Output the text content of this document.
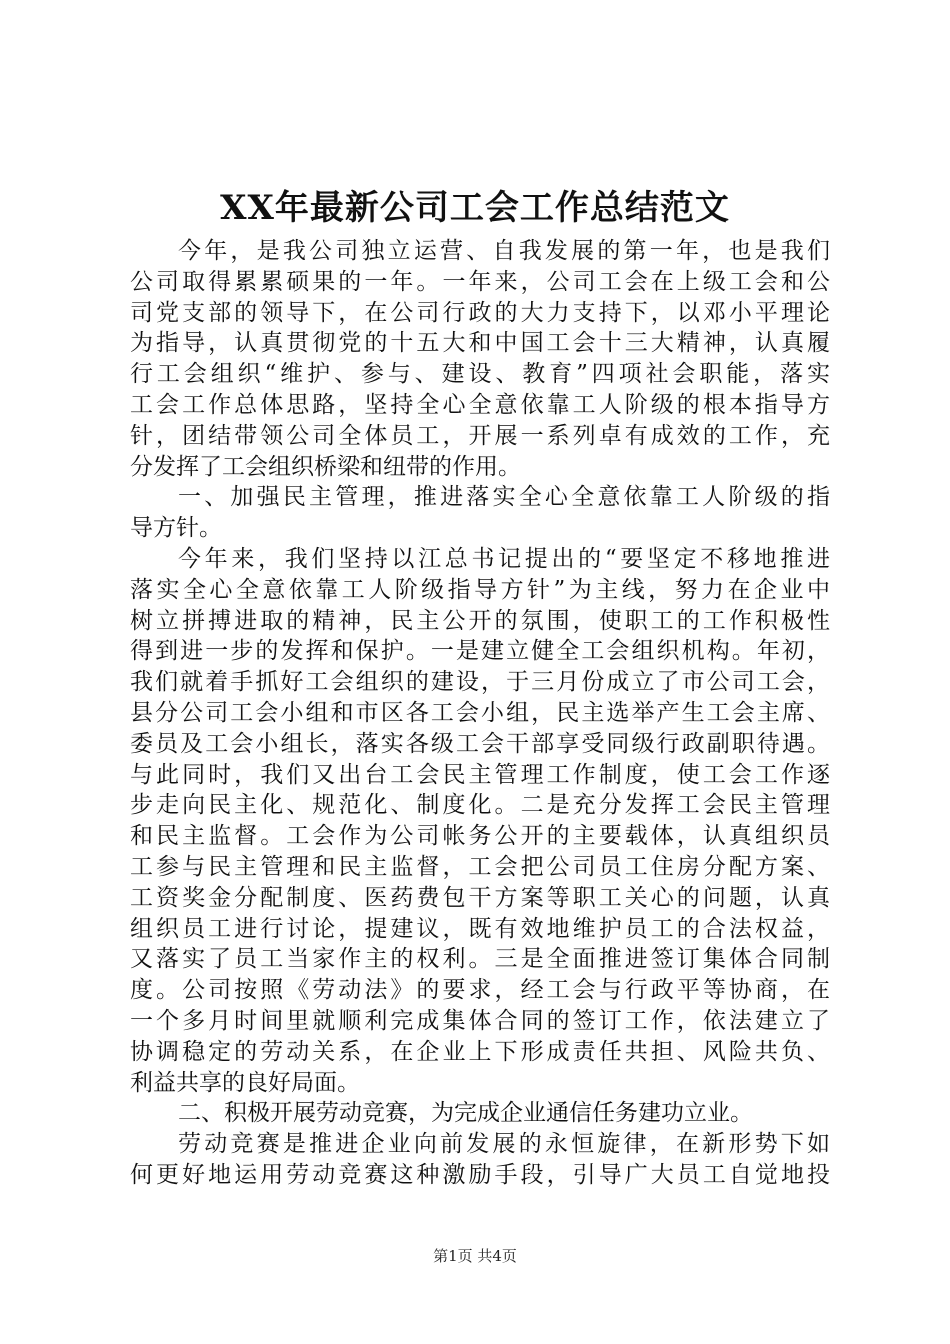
XX年最新公司工会工作总结范文
今年，是我公司独立运营、自我发展的第一年，也是我们
公司取得累累硕果的一年。一年来，公司工会在上级工会和公
司党支部的领导下，在公司行政的大力支持下，以邓小平理论
为指导，认真贯彻党的十五大和中国工会十三大精神，认真履
行工会组织“维护、参与、建设、教育”四项社会职能，落实
工会工作总体思路，坚持全心全意依靠工人阶级的根本指导方
针，团结带领公司全体员工，开展一系列卓有成效的工作，充
分发挥了工会组织桥梁和纽带的作用。
一、加强民主管理，推进落实全心全意依靠工人阶级的指
导方针。
今年来，我们坚持以江总书记提出的“要坚定不移地推进
落实全心全意依靠工人阶级指导方针”为主线，努力在企业中
树立拼搏进取的精神，民主公开的氛围，使职工的工作积极性
得到进一步的发挥和保护。一是建立健全工会组织机构。年初，
我们就着手抓好工会组织的建设，于三月份成立了市公司工会，
县分公司工会小组和市区各工会小组，民主选举产生工会主席、
委员及工会小组长，落实各级工会干部享受同级行政副职待遇。
与此同时，我们又出台工会民主管理工作制度，使工会工作逐
步走向民主化、规范化、制度化。二是充分发挥工会民主管理
和民主监督。工会作为公司帐务公开的主要载体，认真组织员
工参与民主管理和民主监督，工会把公司员工住房分配方案、
工资奖金分配制度、医药费包干方案等职工关心的问题，认真
组织员工进行讨论，提建议，既有效地维护员工的合法权益，
又落实了员工当家作主的权利。三是全面推进签订集体合同制
度。公司按照《劳动法》的要求，经工会与行政平等协商，在
一个多月时间里就顺利完成集体合同的签订工作，依法建立了
协调稳定的劳动关系，在企业上下形成责任共担、风险共负、
利益共享的良好局面。
二、积极开展劳动竞赛，为完成企业通信任务建功立业。
劳动竞赛是推进企业向前发展的永恒旋律，在新形势下如
何更好地运用劳动竞赛这种激励手段，引导广大员工自觉地投
第1页 共4页
